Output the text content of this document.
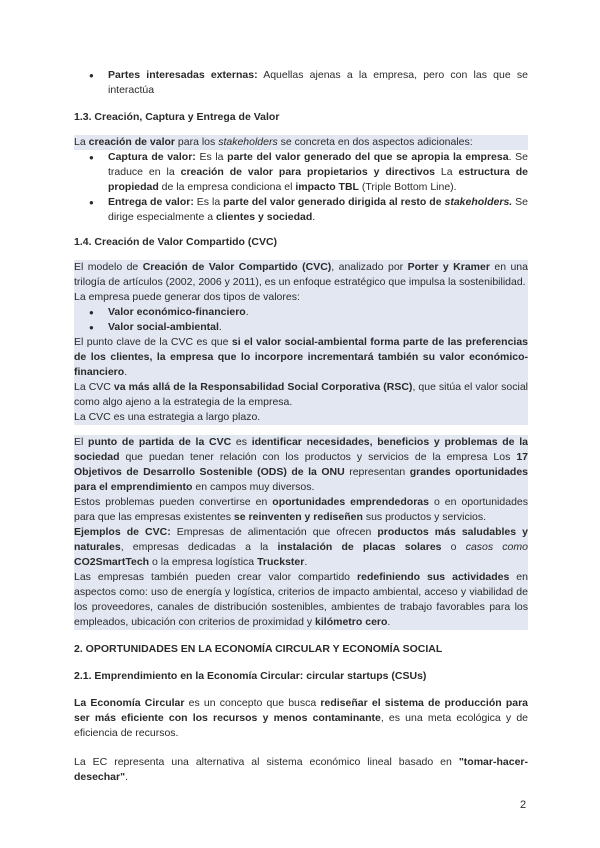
● Partes interesadas externas: Aquellas ajenas a la empresa, pero con las que se interactúa

1.3. Creación, Captura y Entrega de Valor

La creación de valor para los stakeholders se concreta en dos aspectos adicionales:

● Captura de valor: Es la parte del valor generado del que se apropia la empresa. Se traduce en la creación de valor para propietarios y directivos La estructura de propiedad de la empresa condiciona el impacto TBL (Triple Bottom Line).
● Entrega de valor: Es la parte del valor generado dirigida al resto de stakeholders. Se dirige especialmente a clientes y sociedad.

1.4. Creación de Valor Compartido (CVC)

El modelo de Creación de Valor Compartido (CVC), analizado por Porter y Kramer en una trilogía de artículos (2002, 2006 y 2011), es un enfoque estratégico que impulsa la sostenibilidad.

La empresa puede generar dos tipos de valores:

● Valor económico-financiero.
● Valor social-ambiental.

El punto clave de la CVC es que si el valor social-ambiental forma parte de las preferencias de los clientes, la empresa que lo incorpore incrementará también su valor económico-financiero.

La CVC va más allá de la Responsabilidad Social Corporativa (RSC), que sitúa el valor social como algo ajeno a la estrategia de la empresa.

La CVC es una estrategia a largo plazo.

El punto de partida de la CVC es identificar necesidades, beneficios y problemas de la sociedad que puedan tener relación con los productos y servicios de la empresa Los 17 Objetivos de Desarrollo Sostenible (ODS) de la ONU representan grandes oportunidades para el emprendimiento en campos muy diversos.

Estos problemas pueden convertirse en oportunidades emprendedoras o en oportunidades para que las empresas existentes se reinventen y rediseñen sus productos y servicios.

Ejemplos de CVC: Empresas de alimentación que ofrecen productos más saludables y naturales, empresas dedicadas a la instalación de placas solares o casos como CO2SmartTech o la empresa logística Truckster.

Las empresas también pueden crear valor compartido redefiniendo sus actividades en aspectos como: uso de energía y logística, criterios de impacto ambiental, acceso y viabilidad de los proveedores, canales de distribución sostenibles, ambientes de trabajo favorables para los empleados, ubicación con criterios de proximidad y kilómetro cero.

2. OPORTUNIDADES EN LA ECONOMÍA CIRCULAR Y ECONOMÍA SOCIAL

2.1. Emprendimiento en la Economía Circular: circular startups (CSUs)

La Economía Circular es un concepto que busca rediseñar el sistema de producción para ser más eficiente con los recursos y menos contaminante, es una meta ecológica y de eficiencia de recursos.

La EC representa una alternativa al sistema económico lineal basado en "tomar-hacer-desechar".

2
